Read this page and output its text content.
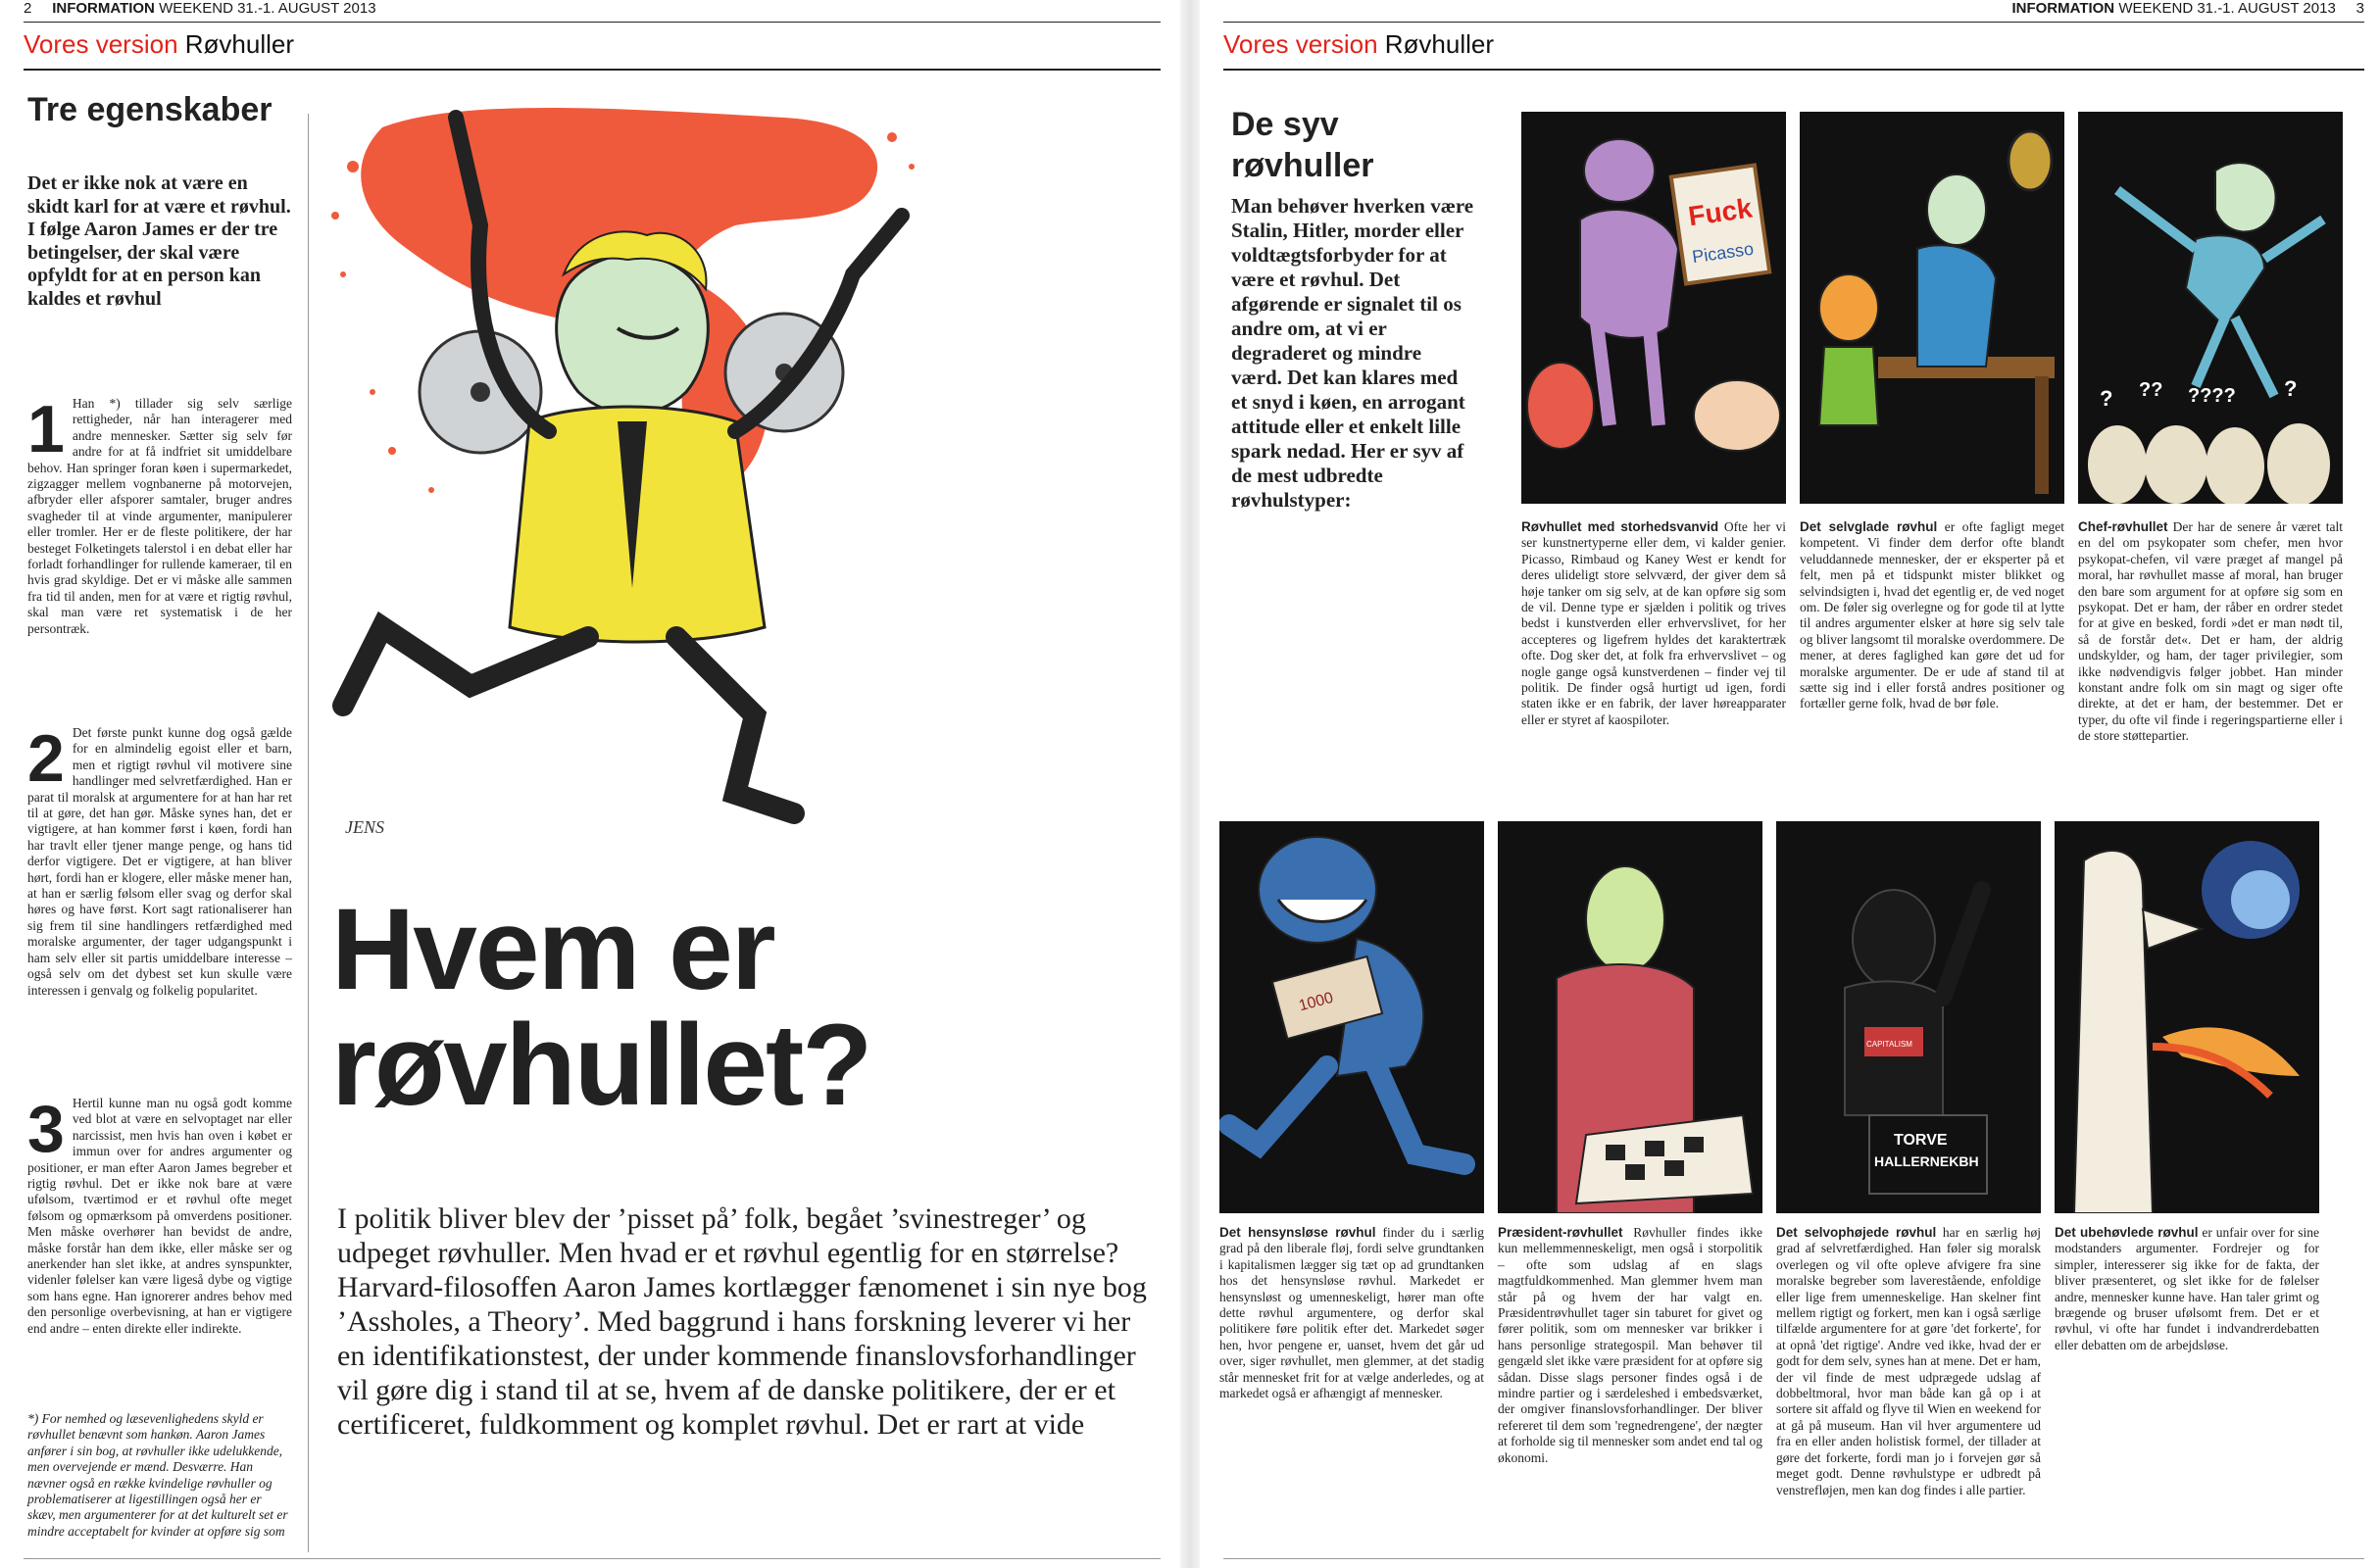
2 INFORMATION WEEKEND 31.-1. AUGUST 2013
Vores version Røvhuller
Tre egenskaber
Det er ikke nok at være en skidt karl for at være et røvhul. I følge Aaron James er der tre betingelser, der skal være opfyldt for at en person kan kaldes et røvhul
1 Han *) tillader sig selv særlige rettigheder, når han interagerer med andre mennesker. Sætter sig selv før andre for at få indfriet sit umiddelbare behov. Han springer foran køen i supermarkedet, zigzagger mellem vognbanerne på motorvejen, afbryder eller afsporer samtaler, bruger andres svagheder til at vinde argumenter, manipulerer eller tromler. Her er de fleste politikere, der har besteget Folketingets talerstol i en debat eller har forladt forhandlinger for rullende kameraer, til en hvis grad skyldige. Det er vi måske alle sammen fra tid til anden, men for at være et rigtig røvhul, skal man være ret systematisk i de her persontræk.
2 Det første punkt kunne dog også gælde for en almindelig egoist eller et barn, men et rigtigt røvhul vil motivere sine handlinger med selvretfærdighed. Han er parat til moralsk at argumentere for at han har ret til at gøre, det han gør. Måske synes han, det er vigtigere, at han kommer først i køen, fordi han har travlt eller tjener mange penge, og hans tid derfor vigtigere. Det er vigtigere, at han bliver hørt, fordi han er klogere, eller måske mener han, at han er særlig følsom eller svag og derfor skal høres og have først. Kort sagt rationaliserer han sig frem til sine handlingers retfærdighed med moralske argumenter, der tager udgangspunkt i ham selv eller sit partis umiddelbare interesse – også selv om det dybest set kun skulle være interessen i genvalg og folkelig popularitet.
3 Hertil kunne man nu også godt komme ved blot at være en selvoptaget nar eller narcissist, men hvis han oven i købet er immun over for andres argumenter og positioner, er man efter Aaron James begreber et rigtig røvhul. Det er ikke nok bare at være ufølsom, tværtimod er et røvhul ofte meget følsom og opmærksom på omverdens positioner. Men måske overhører han bevidst de andre, måske forstår han dem ikke, eller måske ser og anerkender han slet ikke, at andres synspunkter, videnler følelser kan være ligeså dybe og vigtige som hans egne. Han ignorerer andres behov med den personlige overbevisning, at han er vigtigere end andre – enten direkte eller indirekte.
*) For nemhed og læsevenlighedens skyld er røvhullet benævnt som hankøn. Aaron James anfører i sin bog, at røvhuller ikke udelukkende, men overvejende er mænd. Desværre. Han nævner også en række kvindelige røvhuller og problematiserer at ligestillingen også her er skæv, men argumenterer for at det kulturelt set er mindre acceptabelt for kvinder at opføre sig som
JENS
Hvem er røvhullet?
I politik bliver blev der ’pisset på’ folk, begået ’svinestreger’ og udpeget røvhuller. Men hvad er et røvhul egentlig for en størrelse? Harvard-filosoffen Aaron James kortlægger fænomenet i sin nye bog ’Assholes, a Theory’. Med baggrund i hans forskning leverer vi her en identifikationstest, der under kommende finanslovsforhandlinger vil gøre dig i stand til at se, hvem af de danske politikere, der er et certificeret, fuldkomment og komplet røvhul. Det er rart at vide
INFORMATION WEEKEND 31.-1. AUGUST 2013 3
Vores version Røvhuller
De syv røvhuller
Man behøver hverken være Stalin, Hitler, morder eller voldtægtsforbyder for at være et røvhul. Det afgørende er signalet til os andre om, at vi er degraderet og mindre værd. Det kan klares med et snyd i køen, en arrogant attitude eller et enkelt lille spark nedad. Her er syv af de mest udbredte røvhulstyper:
Fuck
Picasso
? ?? ???? ?
Røvhullet med storhedsvanvid Ofte her vi ser kunstnertyperne eller dem, vi kalder genier. Picasso, Rimbaud og Kaney West er kendt for deres ulideligt store selvværd, der giver dem så høje tanker om sig selv, at de kan opføre sig som de vil. Denne type er sjælden i politik og trives bedst i kunstverden eller erhvervslivet, for her accepteres og ligefrem hyldes det karaktertræk ofte. Dog sker det, at folk fra erhvervslivet – og nogle gange også kunstverdenen – finder vej til politik. De finder også hurtigt ud igen, fordi staten ikke er en fabrik, der laver høreapparater eller er styret af kaospiloter.
Det selvglade røvhul er ofte fagligt meget kompetent. Vi finder dem derfor ofte blandt veluddannede mennesker, der er eksperter på et felt, men på et tidspunkt mister blikket og selvindsigten i, hvad det egentlig er, de ved noget om. De føler sig overlegne og for gode til at lytte til andres argumenter elsker at høre sig selv tale og bliver langsomt til moralske overdommere. De mener, at deres faglighed kan gøre det ud for moralske argumenter. De er ude af stand til at sætte sig ind i eller forstå andres positioner og fortæller gerne folk, hvad de bør føle.
Chef-røvhullet Der har de senere år været talt en del om psykopater som chefer, men hvor psykopat-chefen, vil være præget af mangel på moral, har røvhullet masse af moral, han bruger den bare som argument for at opføre sig som en psykopat. Det er ham, der råber en ordrer stedet for at give en besked, fordi »det er man nødt til, så de forstår det«. Det er ham, der aldrig undskylder, og ham, der tager privilegier, som ikke nødvendigvis følger jobbet. Han minder konstant andre folk om sin magt og siger ofte direkte, at det er ham, der bestemmer. Det er typer, du ofte vil finde i regeringspartierne eller i de store støttepartier.
1000
CAPITALISM
TORVE
HALLERNEKBH
Det hensynsløse røvhul finder du i særlig grad på den liberale fløj, fordi selve grundtanken i kapitalismen lægger sig tæt op ad grundtanken hos det hensynsløse røvhul. Markedet er hensynsløst og umenneskeligt, hører man ofte dette røvhul argumentere, og derfor skal politikere føre politik efter det. Markedet søger hen, hvor pengene er, uanset, hvem det går ud over, siger røvhullet, men glemmer, at det stadig står mennesket frit for at vælge anderledes, og at markedet også er afhængigt af mennesker.
Præsident-røvhullet Røvhuller findes ikke kun mellemmenneskeligt, men også i storpolitik – ofte som udslag af en slags magtfuldkommenhed. Man glemmer hvem man står på og hvem der har valgt en. Præsidentrøvhullet tager sin taburet for givet og fører politik, som om mennesker var brikker i hans personlige strategospil. Man behøver til gengæld slet ikke være præsident for at opføre sig sådan. Disse slags personer findes også i de mindre partier og i særdeleshed i embedsværket, der omgiver finanslovsforhandlinger. Der bliver refereret til dem som 'regnedrengene', der nægter at forholde sig til mennesker som andet end tal og økonomi.
Det selvophøjede røvhul har en særlig høj grad af selvretfærdighed. Han føler sig moralsk overlegen og vil ofte opleve afvigere fra sine moralske begreber som laverestående, enfoldige eller lige frem umenneskelige. Han skelner fint mellem rigtigt og forkert, men kan i også særlige tilfælde argumentere for at gøre 'det forkerte', for at opnå 'det rigtige'. Andre ved ikke, hvad der er godt for dem selv, synes han at mene. Det er ham, der vil finde de mest udprægede udslag af dobbeltmoral, hvor man både kan gå op i at sortere sit affald og flyve til Wien en weekend for at gå på museum. Han vil hver argumentere ud fra en eller anden holistisk formel, der tillader at gøre det forkerte, fordi man jo i forvejen gør så meget godt. Denne røvhulstype er udbredt på venstrefløjen, men kan dog findes i alle partier.
Det ubehøvlede røvhul er unfair over for sine modstanders argumenter. Fordrejer og for simpler, interesserer sig ikke for de fakta, der bliver præsenteret, og slet ikke for de følelser andre, mennesker kunne have. Han taler grimt og brægende og bruser ufølsomt frem. Det er et røvhul, vi ofte har fundet i indvandrerdebatten eller debatten om de arbejdsløse.
